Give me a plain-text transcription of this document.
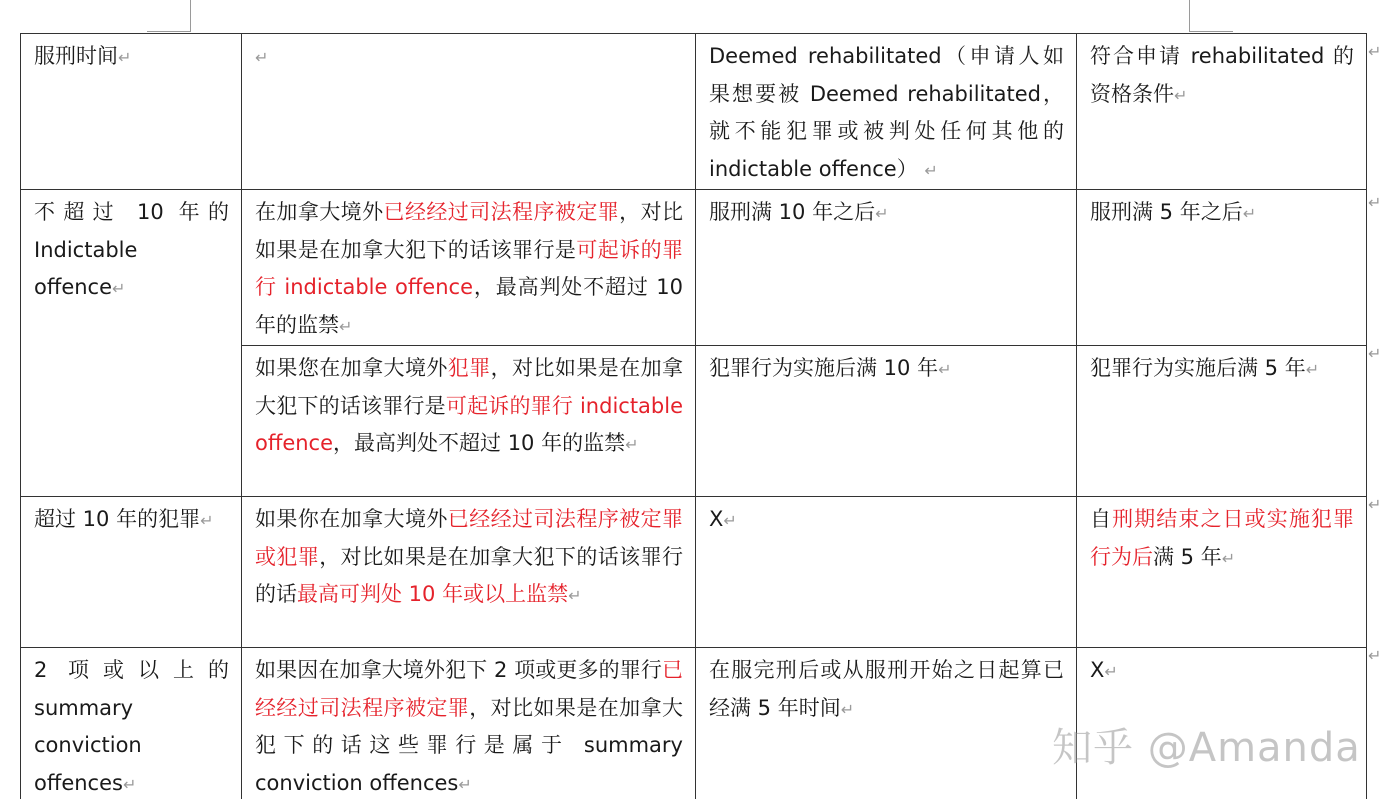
服刑时间↵	↵	Deemed rehabilitated（申请人如果想要被 Deemed rehabilitated，就不能犯罪或被判处任何其他的 indictable offence） ↵	符合申请 rehabilitated 的资格条件↵
不超过 10 年的 Indictable offence↵	在加拿大境外已经经过司法程序被定罪，对比如果是在加拿大犯下的话该罪行是可起诉的罪行 indictable offence，最高判处不超过 10 年的监禁↵	服刑满 10 年之后↵	服刑满 5 年之后↵
	如果您在加拿大境外犯罪，对比如果是在加拿大犯下的话该罪行是可起诉的罪行 indictable offence，最高判处不超过 10 年的监禁↵	犯罪行为实施后满 10 年↵	犯罪行为实施后满 5 年↵
超过 10 年的犯罪↵	如果你在加拿大境外已经经过司法程序被定罪或犯罪，对比如果是在加拿大犯下的话该罪行的话最高可判处 10 年或以上监禁↵	X↵	自刑期结束之日或实施犯罪行为后满 5 年↵
2 项或以上的 summary conviction offences↵	如果因在加拿大境外犯下 2 项或更多的罪行已经经过司法程序被定罪，对比如果是在加拿大犯下的话这些罪行是属于 summary conviction offences↵	在服完刑后或从服刑开始之日起算已经满 5 年时间↵	X↵
↵
↵
↵
↵
↵
知乎 @Amanda
